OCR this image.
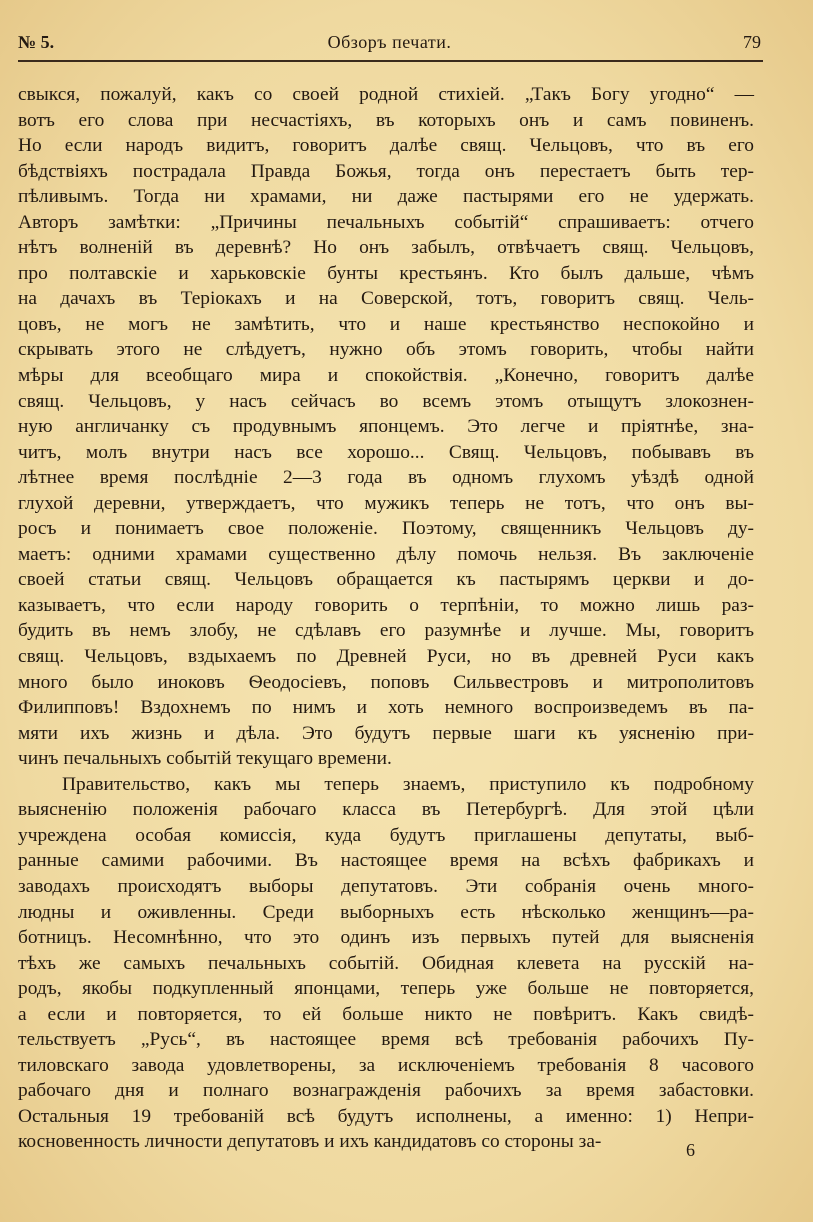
№ 5.	Обзоръ печати.	79
свыкся, пожалуй, какъ со своей родной стихіей. „Такъ Богу угодно“ —
вотъ его слова при несчастіяхъ, въ которыхъ онъ и самъ повиненъ.
Но если народъ видитъ, говоритъ далѣе свящ. Чельцовъ, что въ его
бѣдствіяхъ пострадала Правда Божья, тогда онъ перестаетъ быть тер-
пѣливымъ. Тогда ни храмами, ни даже пастырями его не удержать.
Авторъ замѣтки: „Причины печальныхъ событій“ спрашиваетъ: отчего
нѣтъ волненій въ деревнѣ? Но онъ забылъ, отвѣчаетъ свящ. Чельцовъ,
про полтавскіе и харьковскіе бунты крестьянъ. Кто былъ дальше, чѣмъ
на дачахъ въ Теріокахъ и на Соверской, тотъ, говоритъ свящ. Чель-
цовъ, не могъ не замѣтить, что и наше крестьянство неспокойно и
скрывать этого не слѣдуетъ, нужно объ этомъ говорить, чтобы найти
мѣры для всеобщаго мира и спокойствія. „Конечно, говоритъ далѣе
свящ. Чельцовъ, у насъ сейчасъ во всемъ этомъ отыщутъ злокознен-
ную англичанку съ продувнымъ японцемъ. Это легче и пріятнѣе, зна-
читъ, молъ внутри насъ все хорошо... Свящ. Чельцовъ, побывавъ въ
лѣтнее время послѣдніе 2—3 года въ одномъ глухомъ уѣздѣ одной
глухой деревни, утверждаетъ, что мужикъ теперь не тотъ, что онъ вы-
росъ и понимаетъ свое положеніе. Поэтому, священникъ Чельцовъ ду-
маетъ: одними храмами существенно дѣлу помочь нельзя. Въ заключеніе
своей статьи свящ. Чельцовъ обращается къ пастырямъ церкви и до-
казываетъ, что если народу говорить о терпѣніи, то можно лишь раз-
будить въ немъ злобу, не сдѣлавъ его разумнѣе и лучше. Мы, говоритъ
свящ. Чельцовъ, вздыхаемъ по Древней Руси, но въ древней Руси какъ
много было иноковъ Ѳеодосіевъ, поповъ Сильвестровъ и митрополитовъ
Филипповъ! Вздохнемъ по нимъ и хоть немного воспроизведемъ въ па-
мяти ихъ жизнь и дѣла. Это будутъ первые шаги къ уясненію при-
чинъ печальныхъ событій текущаго времени.
Правительство, какъ мы теперь знаемъ, приступило къ подробному
выясненію положенія рабочаго класса въ Петербургѣ. Для этой цѣли
учреждена особая комиссія, куда будутъ приглашены депутаты, выб-
ранные самими рабочими. Въ настоящее время на всѣхъ фабрикахъ и
заводахъ происходятъ выборы депутатовъ. Эти собранія очень много-
людны и оживленны. Среди выборныхъ есть нѣсколько женщинъ—ра-
ботницъ. Несомнѣнно, что это одинъ изъ первыхъ путей для выясненія
тѣхъ же самыхъ печальныхъ событій. Обидная клевета на русскій на-
родъ, якобы подкупленный японцами, теперь уже больше не повторяется,
а если и повторяется, то ей больше никто не повѣритъ. Какъ свидѣ-
тельствуетъ „Русь“, въ настоящее время всѣ требованія рабочихъ Пу-
тиловскаго завода удовлетворены, за исключеніемъ требованія 8 часового
рабочаго дня и полнаго вознагражденія рабочихъ за время забастовки.
Остальныя 19 требованій всѣ будутъ исполнены, а именно: 1) Непри-
косновенность личности депутатовъ и ихъ кандидатовъ со стороны за-	6
